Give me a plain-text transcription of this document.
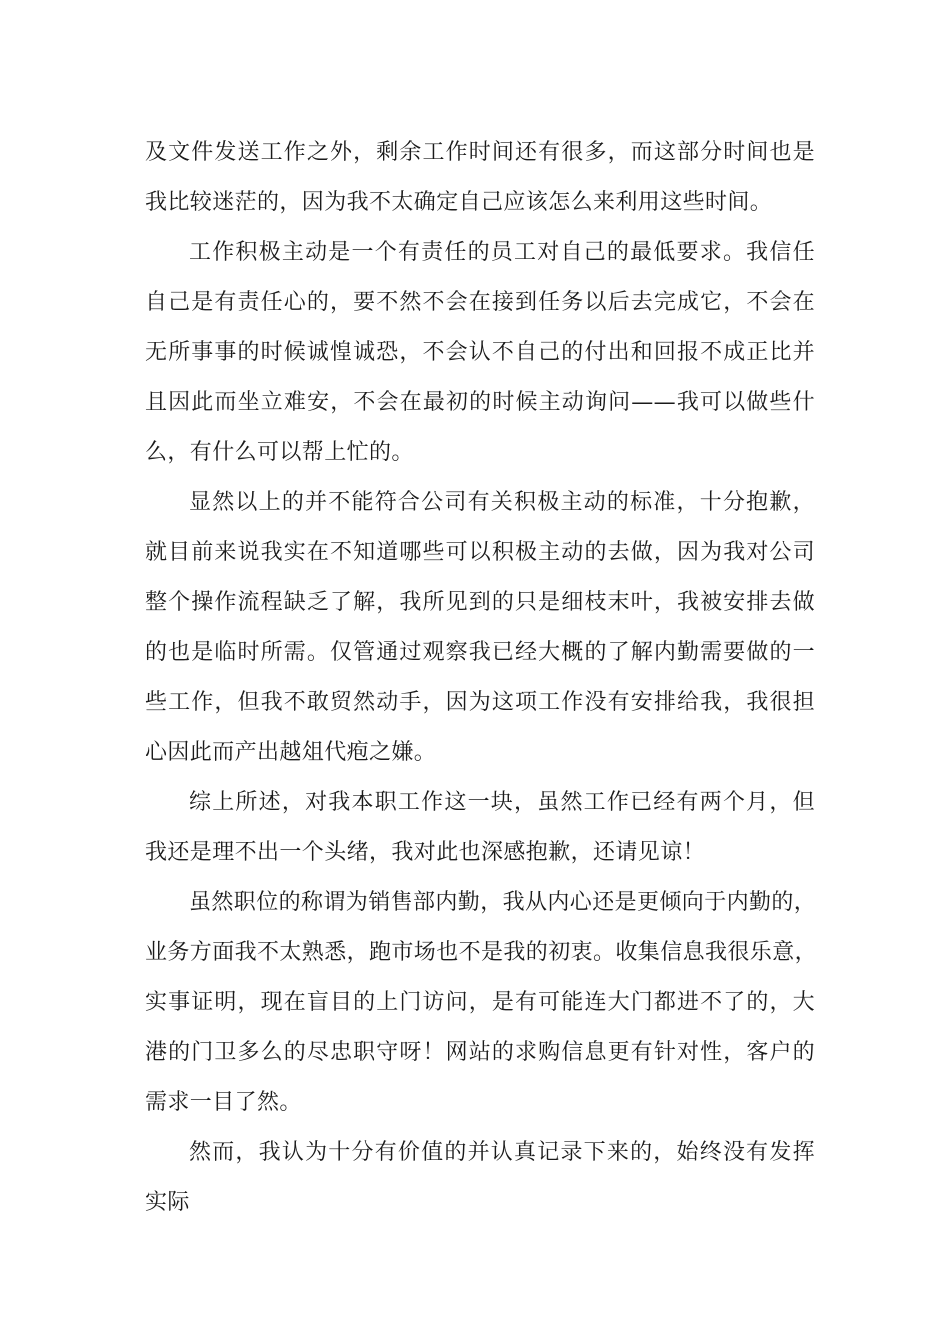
及文件发送工作之外，剩余工作时间还有很多，而这部分时间也是
我比较迷茫的，因为我不太确定自己应该怎么来利用这些时间。
工作积极主动是一个有责任的员工对自己的最低要求。我信任
自己是有责任心的，要不然不会在接到任务以后去完成它，不会在
无所事事的时候诚惶诚恐，不会认不自己的付出和回报不成正比并
且因此而坐立难安，不会在最初的时候主动询问——我可以做些什
么，有什么可以帮上忙的。
显然以上的并不能符合公司有关积极主动的标准，十分抱歉，
就目前来说我实在不知道哪些可以积极主动的去做，因为我对公司
整个操作流程缺乏了解，我所见到的只是细枝末叶，我被安排去做
的也是临时所需。仅管通过观察我已经大概的了解内勤需要做的一
些工作，但我不敢贸然动手，因为这项工作没有安排给我，我很担
心因此而产出越俎代疱之嫌。
综上所述，对我本职工作这一块，虽然工作已经有两个月，但
我还是理不出一个头绪，我对此也深感抱歉，还请见谅！
虽然职位的称谓为销售部内勤，我从内心还是更倾向于内勤的，
业务方面我不太熟悉，跑市场也不是我的初衷。收集信息我很乐意，
实事证明，现在盲目的上门访问，是有可能连大门都进不了的，大
港的门卫多么的尽忠职守呀！网站的求购信息更有针对性，客户的
需求一目了然。
然而，我认为十分有价值的并认真记录下来的，始终没有发挥
实际
